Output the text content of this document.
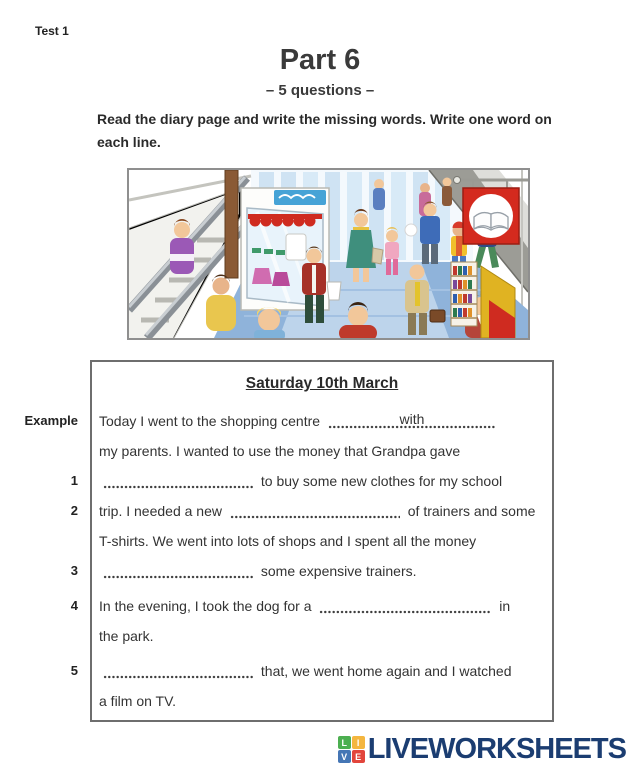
Test 1
Part 6
– 5 questions –
Read the diary page and write the missing words. Write one word on each line.
Saturday 10th March
Example Today I went to the shopping centre	with
my parents. I wanted to use the money that Grandpa gave
1	to buy some new clothes for my school
2 trip. I needed a new	of trainers and some
T-shirts. We went into lots of shops and I spent all the money
3	some expensive trainers.
4 In the evening, I took the dog for a	in
the park.
5	that, we went home again and I watched
a film on TV.
L	I
V E LIVEWORKSHEETS
